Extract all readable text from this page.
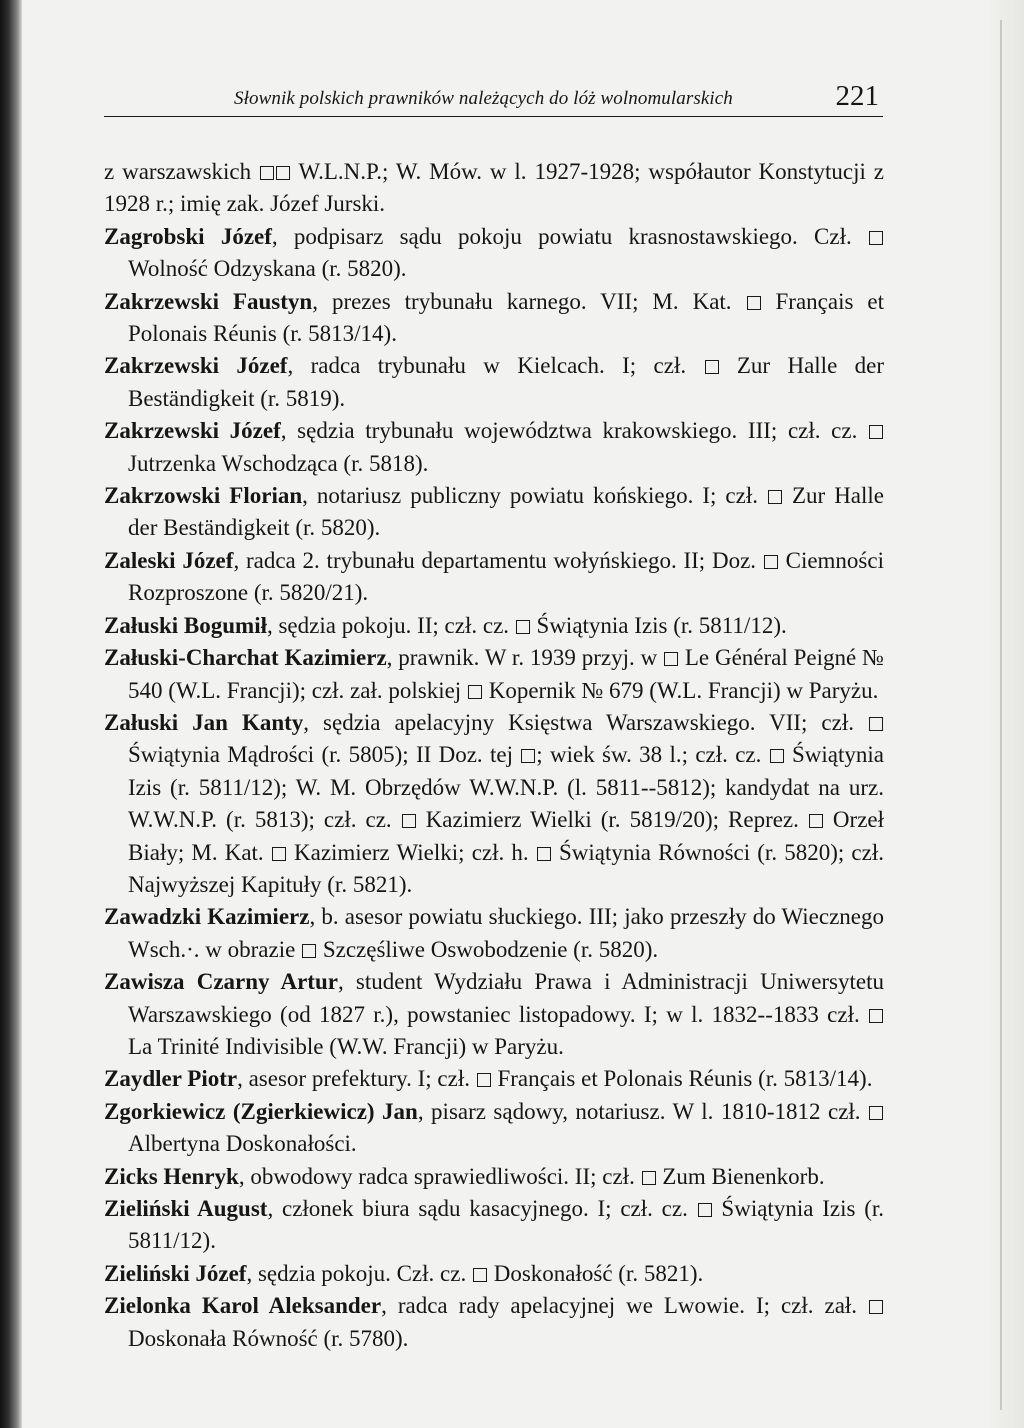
Słownik polskich prawników należących do lóż wolnomularskich	221

z warszawskich  W.L.N.P.; W. Mów. w l. 1927-1928; współautor Konstytucji z 1928 r.; imię zak. Józef Jurski.

Zagrobski Józef, podpisarz sądu pokoju powiatu krasnostawskiego. Czł.  Wolność Odzyskana (r. 5820).

Zakrzewski Faustyn, prezes trybunału karnego. VII; M. Kat.  Français et Polonais Réunis (r. 5813/14).

Zakrzewski Józef, radca trybunału w Kielcach. I; czł.  Zur Halle der Beständigkeit (r. 5819).

Zakrzewski Józef, sędzia trybunału województwa krakowskiego. III; czł. cz.  Jutrzenka Wschodząca (r. 5818).

Zakrzowski Florian, notariusz publiczny powiatu końskiego. I; czł.  Zur Halle der Beständigkeit (r. 5820).

Zaleski Józef, radca 2. trybunału departamentu wołyńskiego. II; Doz.  Ciemności Rozproszone (r. 5820/21).

Załuski Bogumił, sędzia pokoju. II; czł. cz.  Świątynia Izis (r. 5811/12).

Załuski-Charchat Kazimierz, prawnik. W r. 1939 przyj. w  Le Général Peigné № 540 (W.L. Francji); czł. zał. polskiej  Kopernik № 679 (W.L. Francji) w Paryżu.

Załuski Jan Kanty, sędzia apelacyjny Księstwa Warszawskiego. VII; czł.  Świątynia Mądrości (r. 5805); II Doz. tej ; wiek św. 38 l.; czł. cz.  Świątynia Izis (r. 5811/12); W. M. Obrzędów W.W.N.P. (l. 5811--5812); kandydat na urz. W.W.N.P. (r. 5813); czł. cz.  Kazimierz Wielki (r. 5819/20); Reprez.  Orzeł Biały; M. Kat.  Kazimierz Wielki; czł. h.  Świątynia Równości (r. 5820); czł. Najwyższej Kapituły (r. 5821).

Zawadzki Kazimierz, b. asesor powiatu słuckiego. III; jako przeszły do Wiecznego Wsch.·. w obrazie  Szczęśliwe Oswobodzenie (r. 5820).

Zawisza Czarny Artur, student Wydziału Prawa i Administracji Uniwersytetu Warszawskiego (od 1827 r.), powstaniec listopadowy. I; w l. 1832--1833 czł.  La Trinité Indivisible (W.W. Francji) w Paryżu.

Zaydler Piotr, asesor prefektury. I; czł.  Français et Polonais Réunis (r. 5813/14).

Zgorkiewicz (Zgierkiewicz) Jan, pisarz sądowy, notariusz. W l. 1810-1812 czł.  Albertyna Doskonałości.

Zicks Henryk, obwodowy radca sprawiedliwości. II; czł.  Zum Bienenkorb.

Zieliński August, członek biura sądu kasacyjnego. I; czł. cz.  Świątynia Izis (r. 5811/12).

Zieliński Józef, sędzia pokoju. Czł. cz.  Doskonałość (r. 5821).

Zielonka Karol Aleksander, radca rady apelacyjnej we Lwowie. I; czł. zał.  Doskonała Równość (r. 5780).
